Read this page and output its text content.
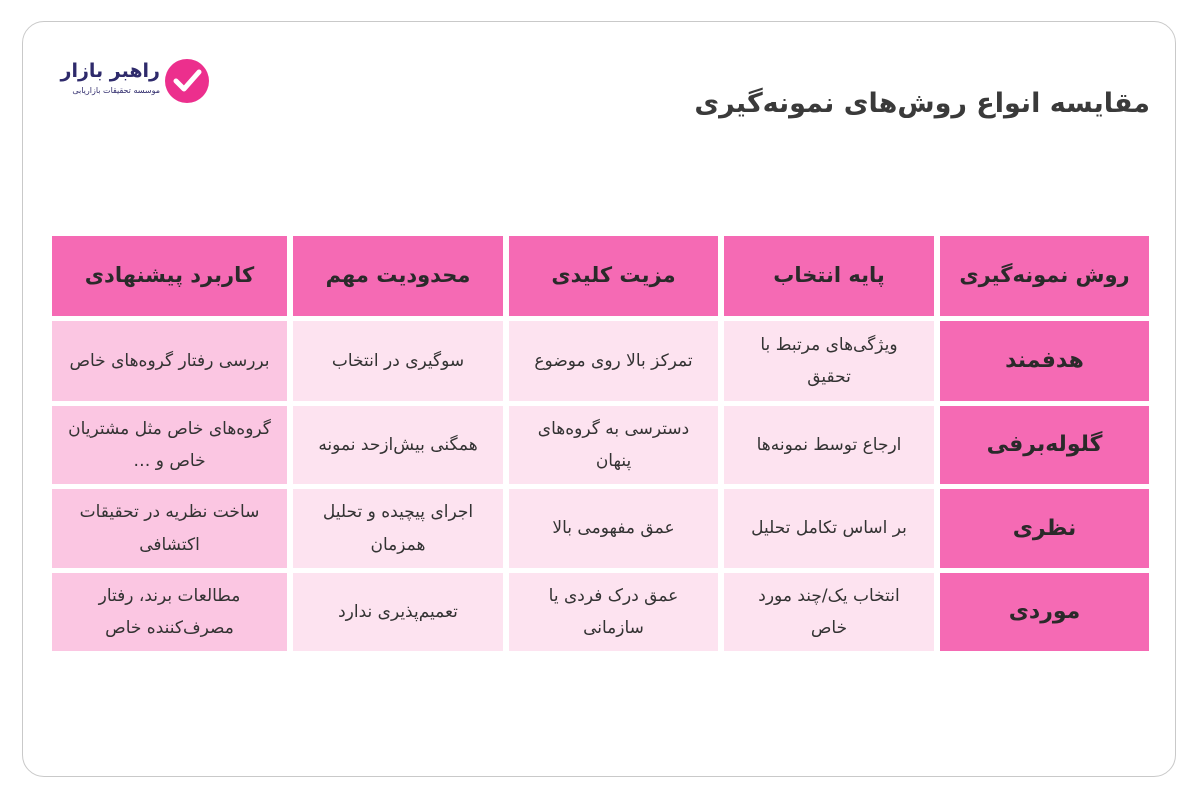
راهبر بازار
موسسه تحقیقات بازاریابی	مقایسه انواع روش‌های نمونه‌گیری
روش نمونه‌گیری
پایه انتخاب
مزیت کلیدی
محدودیت مهم
کاربرد پیشنهادی
هدفمند
ویژگی‌های مرتبط با تحقیق
تمرکز بالا روی موضوع
سوگیری در انتخاب
بررسی رفتار گروه‌های خاص
گلوله‌برفی
ارجاع توسط نمونه‌ها
دسترسی به گروه‌های پنهان
همگنی بیش‌ازحد نمونه
گروه‌های خاص مثل مشتریان خاص و …
نظری
بر اساس تکامل تحلیل
عمق مفهومی بالا
اجرای پیچیده و تحلیل همزمان
ساخت نظریه در تحقیقات اکتشافی
موردی
انتخاب یک/چند مورد خاص
عمق درک فردی یا سازمانی
تعمیم‌پذیری ندارد
مطالعات برند، رفتار مصرف‌کننده خاص
